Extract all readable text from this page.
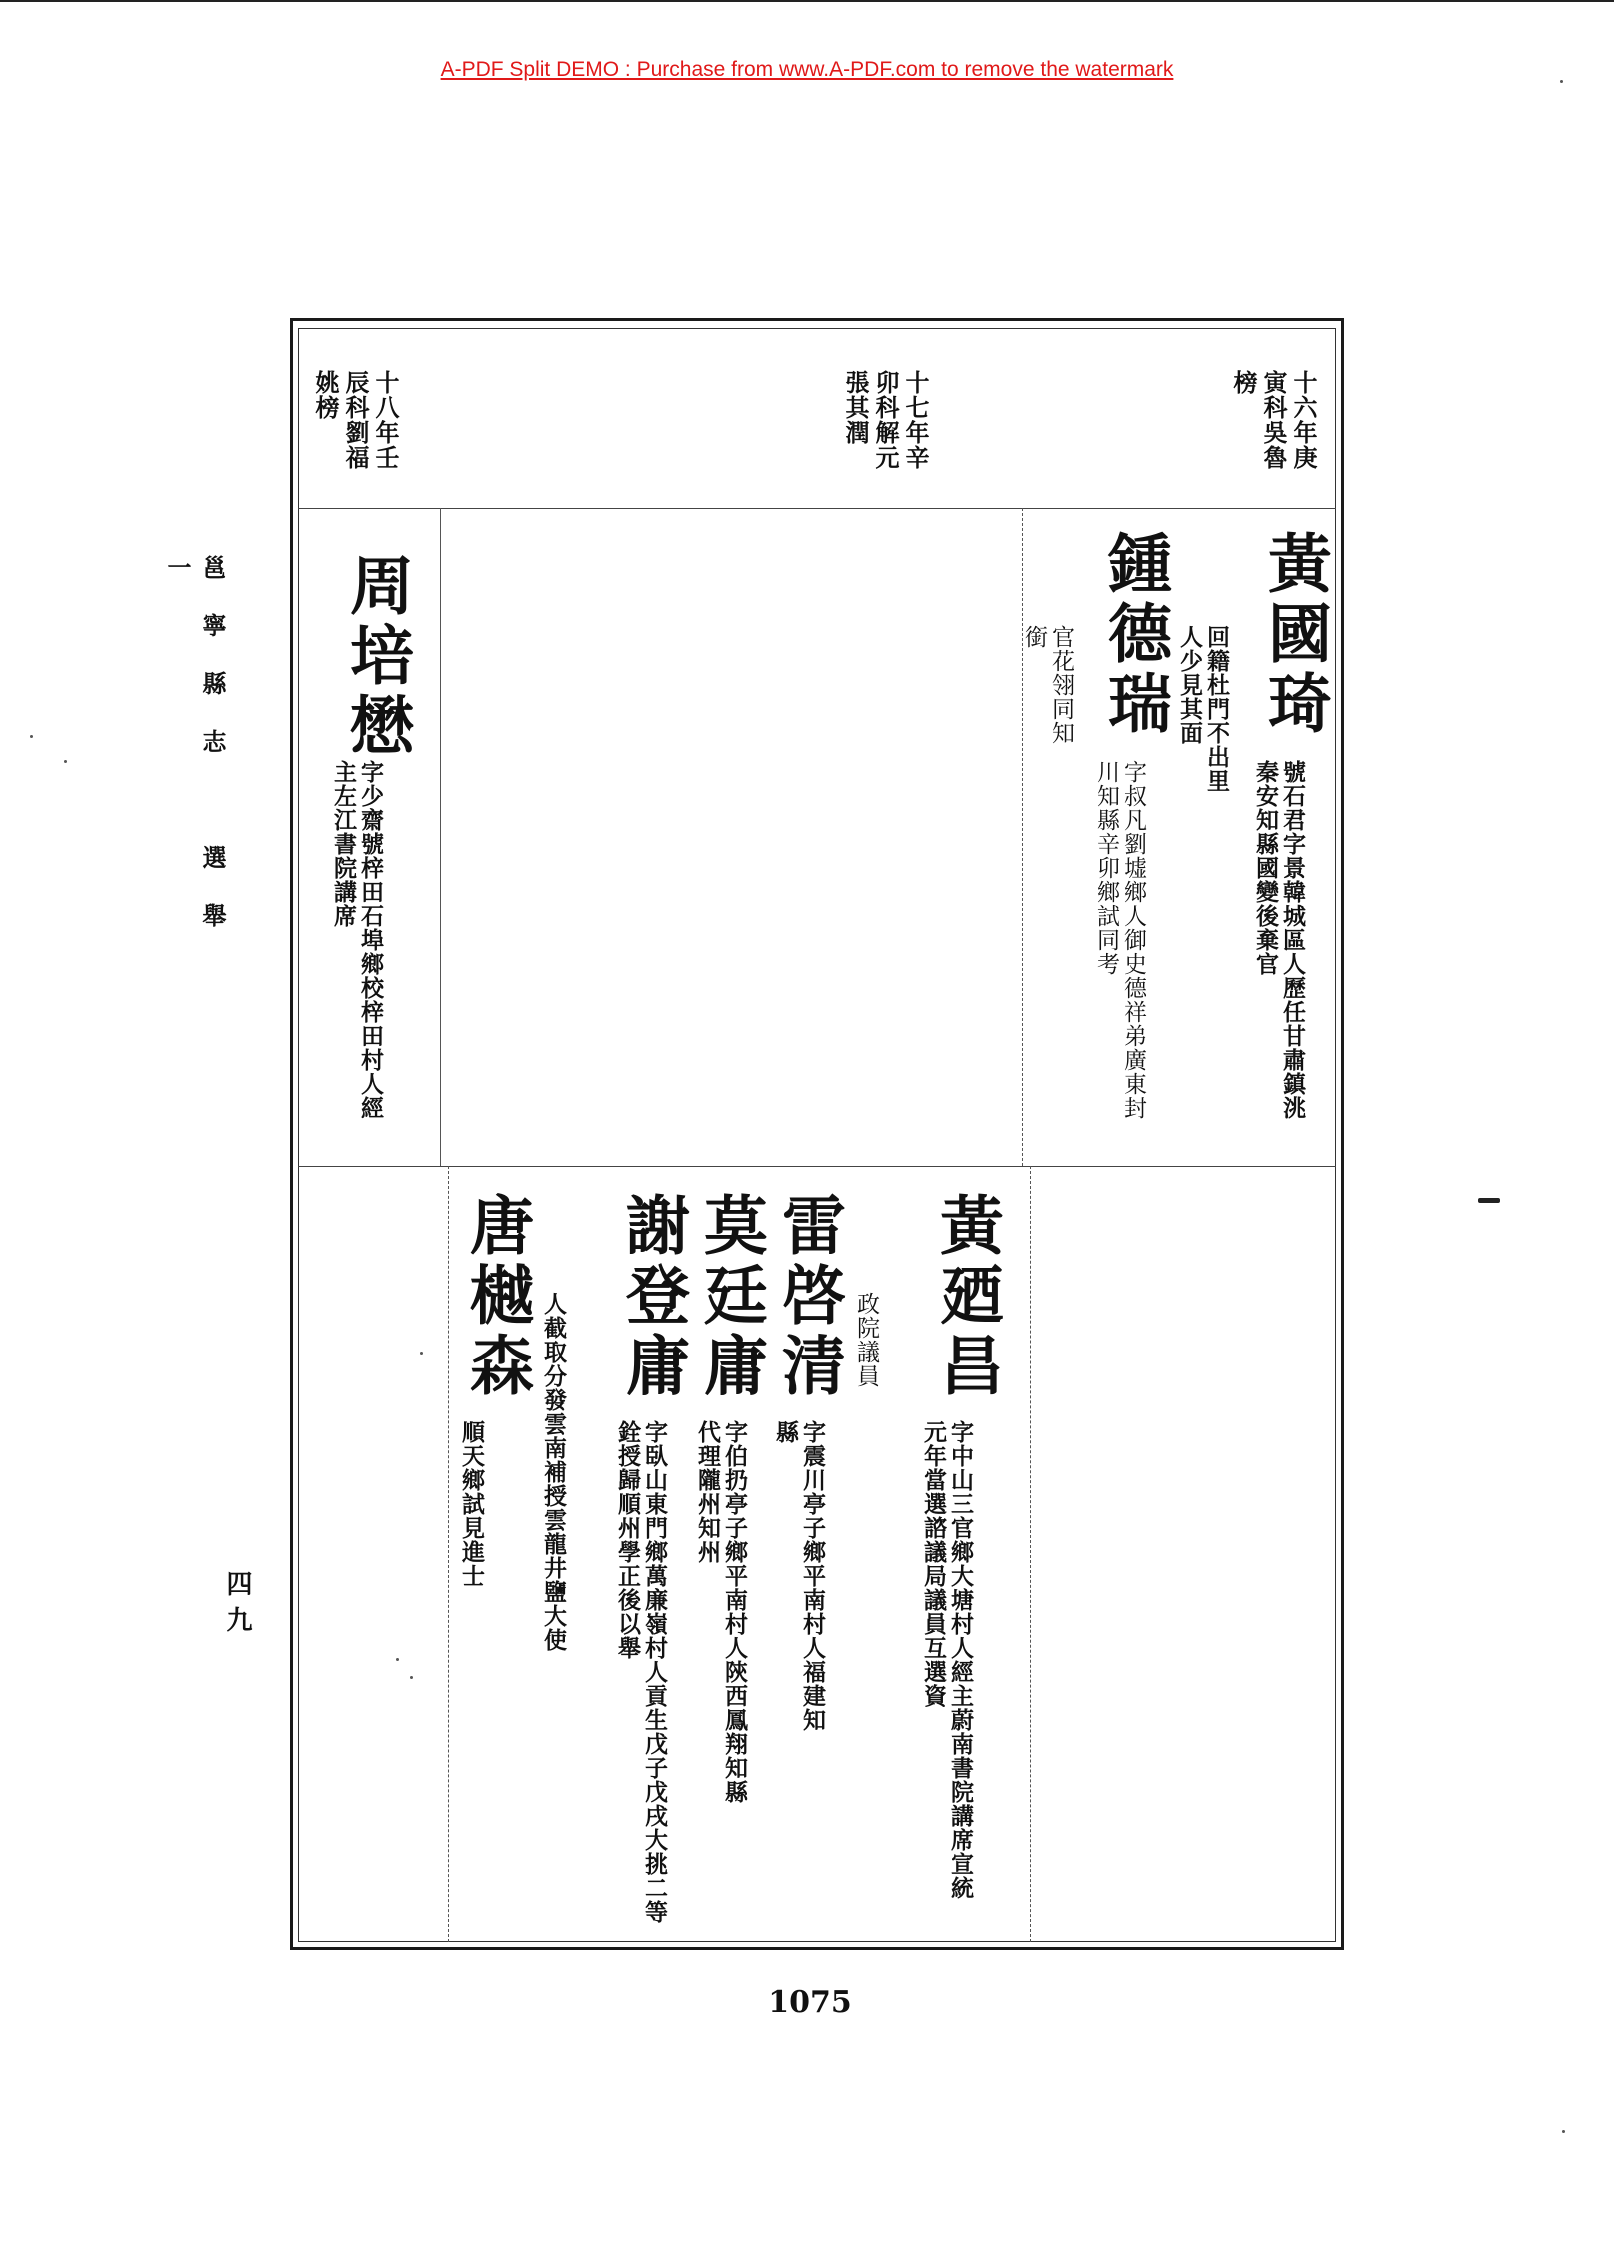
A-PDF Split DEMO : Purchase from www.A-PDF.com to remove the watermark
邕寧縣志　選舉一
四九
十六年庚寅科吳魯榜
十七年辛卯科解元張其潤
十八年壬辰科劉福姚榜
黃國琦
號石君字景韓城區人歷任甘肅鎮洮秦安知縣國變後棄官
回籍杜門不出里人少見其面
鍾德瑞
字叔凡劉墟鄉人御史德祥弟廣東封川知縣辛卯鄉試同考
官花翎同知銜
周培懋
字少齋號梓田石埠鄉校梓田村人經主左江書院講席
黃廼昌
字中山三官鄉大塘村人經主蔚南書院講席宣統元年當選諮議局議員互選資
政院議員
雷啓清
字震川亭子鄉平南村人福建知縣
莫廷庸
字伯扔亭子鄉平南村人陝西鳳翔知縣代理隴州知州
謝登庸
字臥山東門鄉萬廉嶺村人貢生戊子戊戌大挑二等銓授歸順州學正後以舉
人截取分發雲南補授雲龍井鹽大使
唐樾森
順天鄉試見進士
1075
